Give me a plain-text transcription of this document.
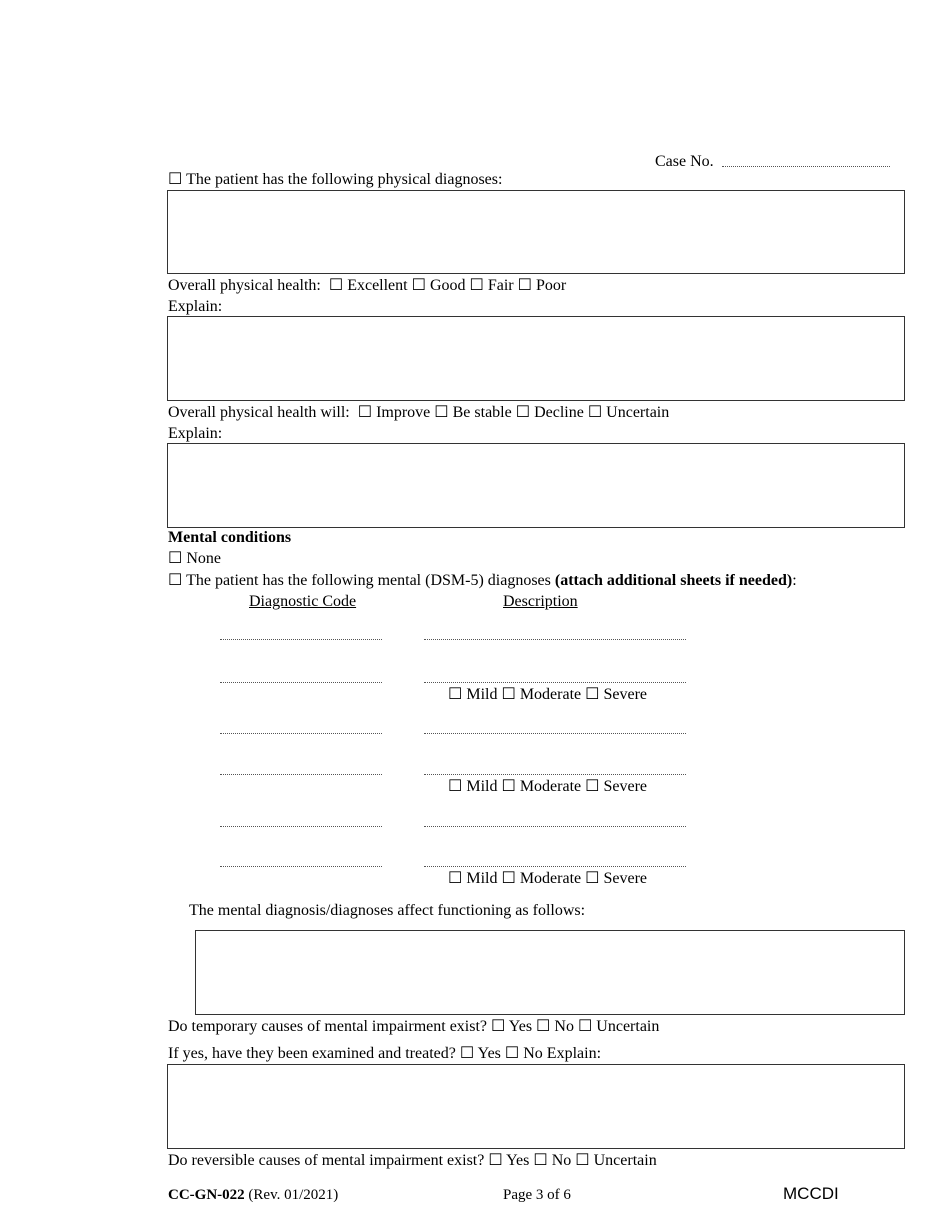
Case No.
☐ The patient has the following physical diagnoses:
Overall physical health: ☐ Excellent ☐ Good ☐ Fair ☐ Poor
Explain:
Overall physical health will: ☐ Improve ☐ Be stable ☐ Decline ☐ Uncertain
Explain:
Mental conditions
☐ None
☐ The patient has the following mental (DSM-5) diagnoses (attach additional sheets if needed):
Diagnostic Code	Description
☐ Mild ☐ Moderate ☐ Severe
☐ Mild ☐ Moderate ☐ Severe
☐ Mild ☐ Moderate ☐ Severe
The mental diagnosis/diagnoses affect functioning as follows:
Do temporary causes of mental impairment exist? ☐ Yes ☐ No ☐ Uncertain
If yes, have they been examined and treated? ☐ Yes ☐ No Explain:
Do reversible causes of mental impairment exist? ☐ Yes ☐ No ☐ Uncertain
CC-GN-022 (Rev. 01/2021)	Page 3 of 6	MCCDI
